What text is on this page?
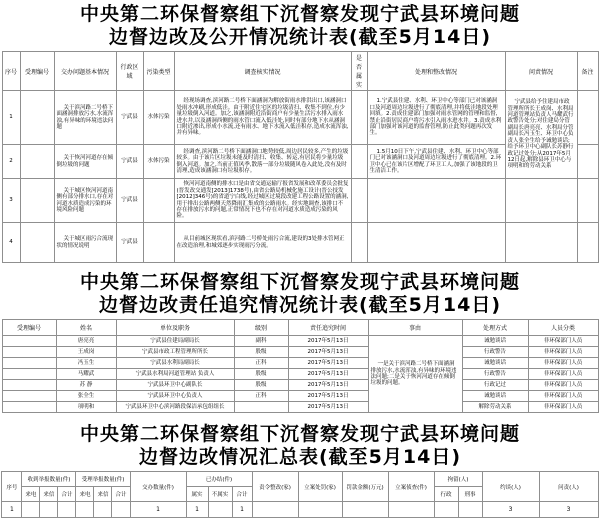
中央第二环保督察组下沉督察发现宁武县环境问题
边督边改及公开情况统计表(截至5月14日)
序号	受理编号	交办问题基本情况	行政区域	污染类型	调查核实情况	是否属实	处理和整改情况	问责情况	备注
1		关于滨河路二号桥下面涵洞排放污水,水流浑浊,有异味的环境违法问题	宁武县	水体污染	经现场调查,滨河路二号桥下面涵洞为解放街雨水排洪出口,该涵洞口处雨水冲刷,形成低洼。由于附近住宅区的垃圾清扫、收集不到位,有少量垃圾倒入河道。加之,该涵洞附近沿街商户有少量生活污水排入雨水进水井,以及涵洞西侧的雨水管口流入低洼处,同时有部分地下水从涵洞口附近渗出,形成小水流,还有雨水、地下水流入低洼积存,造成水流浑浊,并有异味。		1.宁武县住建、水利、环卫中心等部门已对该涵洞口及河道周边垃圾进行了彻底清理,并将低洼地段处理回填。2.责成住建部门加强对雨水管网的管理和监督,禁止沿街居民商户将污水引入雨水进水井。3.责成水利部门加强对该河道的监督管理,防止此类问题再次发生。	宁武县给予住建局市政管理所所长王成岗、水利局河道管理站负责人马耀武行政警告处分;对住建局分管副局长唐亮亮、水利局分管副局长冯玉生、环卫中心负责人张全生给予诫勉谈话;给予环卫中心副队长苏静行政记过处分;从2017年5月12日起,解除县环卫中心与项明和的劳动关系	
2		关于恢河河道存在倾倒垃圾的问题	宁武县	水体污染	经调查,滨河路二号桥下面涵洞口地势较低,周边居民较多,产生的垃圾较多。由于该片区垃圾未能及时清扫、收集、转运,有居民将少量垃圾倒入河道。加之,当前正值风季,散落一部分垃圾随风卷入此处,没有及时清理,造成该涵洞口有垃圾积存。		1.5月10日下午,宁武县住建、水利、环卫中心等部门已对该涵洞口及河道周边垃圾进行了彻底清理。2.环卫中心已在该片区增配了环卫工人,加强了该地段的卫生清洁工作。		
3		关于城区恢河河道南侧有部分排水口,存在对河道水质造成污染的环境风险问题	宁武县		恢河河道南侧的排水口是由省交通运输厅报省发展和改革委员会批复(晋发改交通发[2013]1738号),由省公路局机械化施工设计(晋公技发[2012]346号)的省道宁白线,经过城区过境段改建工程公路设置的涵洞,用于排出公路两侧天然降雨汇集成的公路雨水。经实地调查,该排口不存在排放污水的问题,正常情况下也不存在对河道水质造成污染的风险。				
4		关于城区雨污合流现状的情况说明	宁武县		从目前城区现状看,滨河路二号桥处雨污合流,建设的3处排水管网正在改造治理,和城郊逐步实现雨污分流。				
中央第二环保督察组下沉督察发现宁武县环境问题
边督边改责任追究情况统计表(截至5月14日)
受理编号	姓名	单位及职务	级别	责任追究时间	事由	处理方式	人员分类
	唐亮亮	宁武县住建局副局长	副科	2017年5月13日	一是关于滨河路二号桥下面涵洞排放污水,水流浑浊,有异味的环境违法问题;二是关于恢河河道存在倾倒垃圾的问题。	诫勉谈话	非环保部门人员
	王成岗	宁武县市政工程管理所所长	股级	2017年5月13日		行政警告	非环保部门人员
	冯玉生	宁武县水利局副局长	正科	2017年5月13日		诫勉谈话	非环保部门人员
	马耀武	宁武县水利局河道管理站 负责人	股级	2017年5月13日		行政警告	非环保部门人员
	苏 静	宁武县环卫中心副队长	股级	2017年5月13日		行政记过	非环保部门人员
	张全生	宁武县环卫中心负责人	正科	2017年5月13日		诫勉谈话	非环保部门人员
	项明和	宁武县环卫中心滨河路段保洁承包组组长		2017年5月13日		解除劳动关系	非环保部门人员
中央第二环保督察组下沉督察发现宁武县环境问题
边督边改情况汇总表(截至5月14日)
序号	收到举报数量(件)			受理举报数量(件)			交办数量(件)	已办结(件)			责令整改(家)	立案处罚(家)	罚款金额(万元)	立案侦查(件)	拘留(人)		约谈(人)	问责(人)
	来电	来信	合计	来电	来信	合计		属实	不属实	合计					行政	刑事		
1							1	1		1							3	3
